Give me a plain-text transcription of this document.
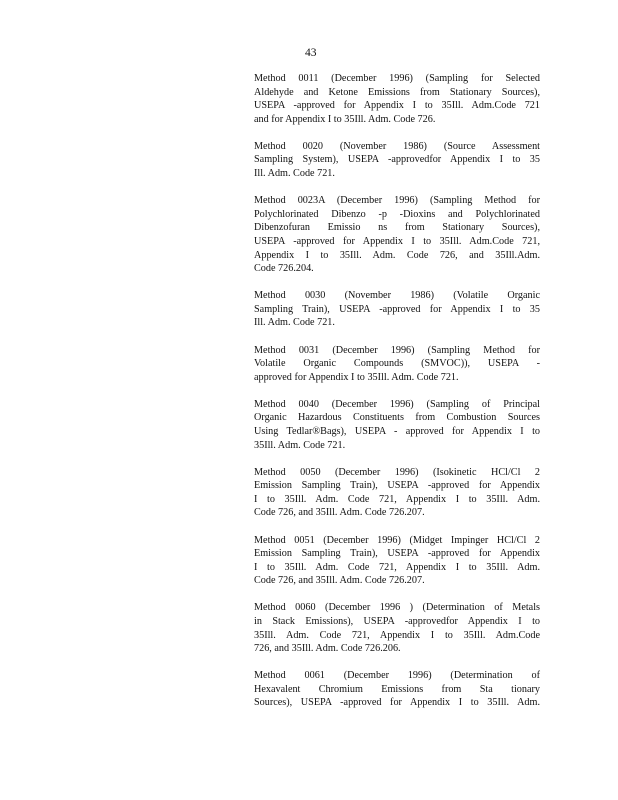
43
Method 0011 (December 1996) (Sampling for Selected
Aldehyde and Ketone Emissions from Stationary Sources),
USEPA -approved for Appendix I to 35Ill. Adm.Code 721
and for Appendix I to 35Ill. Adm. Code 726.
Method 0020 (November 1986) (Source Assessment
Sampling System), USEPA -approvedfor Appendix I to 35
Ill. Adm. Code 721.
Method 0023A (December 1996) (Sampling Method for
Polychlorinated Dibenzo -p -Dioxins and Polychlorinated
Dibenzofuran Emissio ns from Stationary Sources),
USEPA -approved for Appendix I to 35Ill. Adm.Code 721,
Appendix I to 35Ill. Adm. Code 726, and 35Ill.Adm.
Code 726.204.
Method 0030 (November 1986) (Volatile Organic
Sampling Train), USEPA -approved for Appendix I to 35
Ill. Adm. Code 721.
Method 0031 (December 1996) (Sampling Method for
Volatile Organic Compounds (SMVOC)), USEPA -
approved for Appendix I to 35Ill. Adm. Code 721.
Method 0040 (December 1996) (Sampling of Principal
Organic Hazardous Constituents from Combustion Sources
Using Tedlar®Bags), USEPA - approved for Appendix I to
35Ill. Adm. Code 721.
Method 0050 (December 1996) (Isokinetic HCl/Cl 2
Emission Sampling Train), USEPA -approved for Appendix
I to 35Ill. Adm. Code 721, Appendix I to 35Ill. Adm.
Code 726, and 35Ill. Adm. Code 726.207.
Method 0051 (December 1996) (Midget Impinger HCl/Cl 2
Emission Sampling Train), USEPA -approved for Appendix
I to 35Ill. Adm. Code 721, Appendix I to 35Ill. Adm.
Code 726, and 35Ill. Adm. Code 726.207.
Method 0060 (December 1996 ) (Determination of Metals
in Stack Emissions), USEPA -approvedfor Appendix I to
35Ill. Adm. Code 721, Appendix I to 35Ill. Adm.Code
726, and 35Ill. Adm. Code 726.206.
Method 0061 (December 1996) (Determination of
Hexavalent Chromium Emissions from Sta tionary
Sources), USEPA -approved for Appendix I to 35Ill. Adm.
